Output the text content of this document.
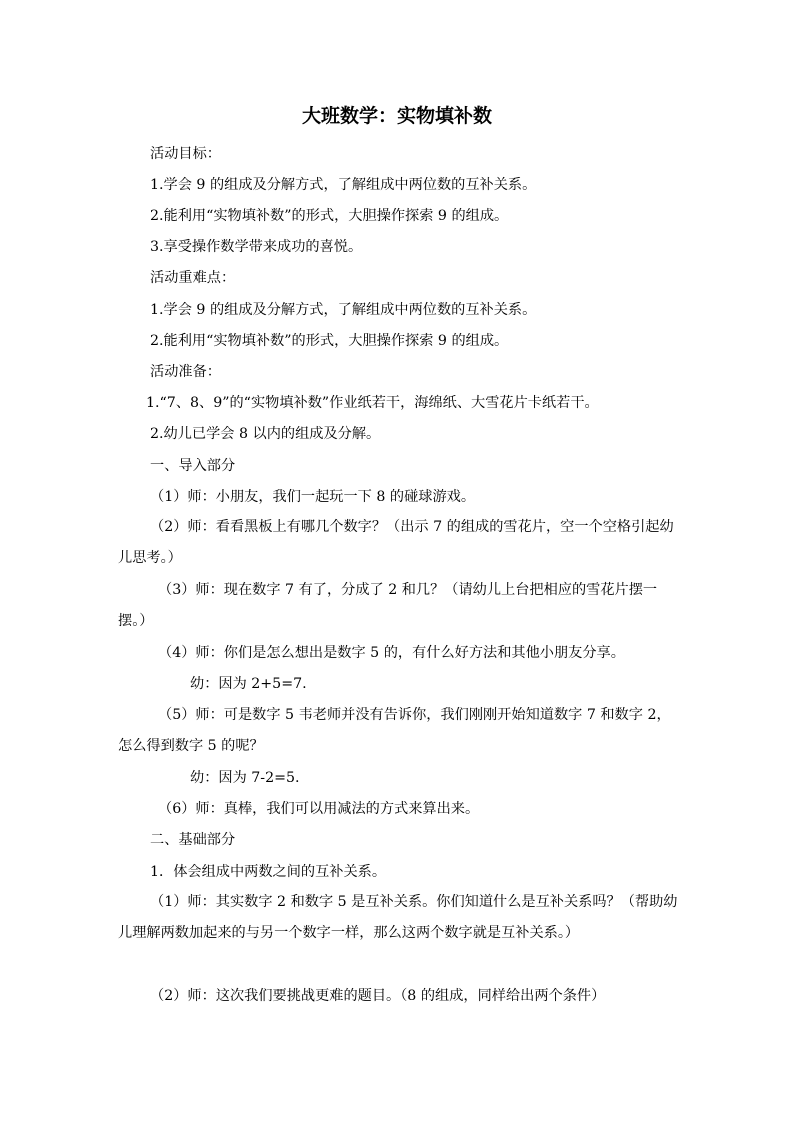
大班数学：实物填补数
活动目标：
1.学会 9 的组成及分解方式，了解组成中两位数的互补关系。
2.能利用“实物填补数”的形式，大胆操作探索 9 的组成。
3.享受操作数学带来成功的喜悦。
活动重难点：
1.学会 9 的组成及分解方式，了解组成中两位数的互补关系。
2.能利用“实物填补数”的形式，大胆操作探索 9 的组成。
活动准备：
1.“7、8、9”的“实物填补数”作业纸若干，海绵纸、大雪花片卡纸若干。
2.幼儿已学会 8 以内的组成及分解。
一、导入部分
（1）师：小朋友，我们一起玩一下 8 的碰球游戏。

（2）师：看看黑板上有哪几个数字？（出示 7 的组成的雪花片，空一个空格引起幼儿思考。）

（3）师：现在数字 7 有了，分成了 2 和几？（请幼儿上台把相应的雪花片摆一摆。）

（4）师：你们是怎么想出是数字 5 的，有什么好方法和其他小朋友分享。
幼：因为 2+5=7.

（5）师：可是数字 5 韦老师并没有告诉你，我们刚刚开始知道数字 7 和数字 2，怎么得到数字 5 的呢？

幼：因为 7-2=5.
（6）师：真棒，我们可以用减法的方式来算出来。
二、基础部分
1．体会组成中两数之间的互补关系。

（1）师：其实数字 2 和数字 5 是互补关系。你们知道什么是互补关系吗？（帮助幼儿理解两数加起来的与另一个数字一样，那么这两个数字就是互补关系。）

（2）师：这次我们要挑战更难的题目。（8 的组成，同样给出两个条件）
